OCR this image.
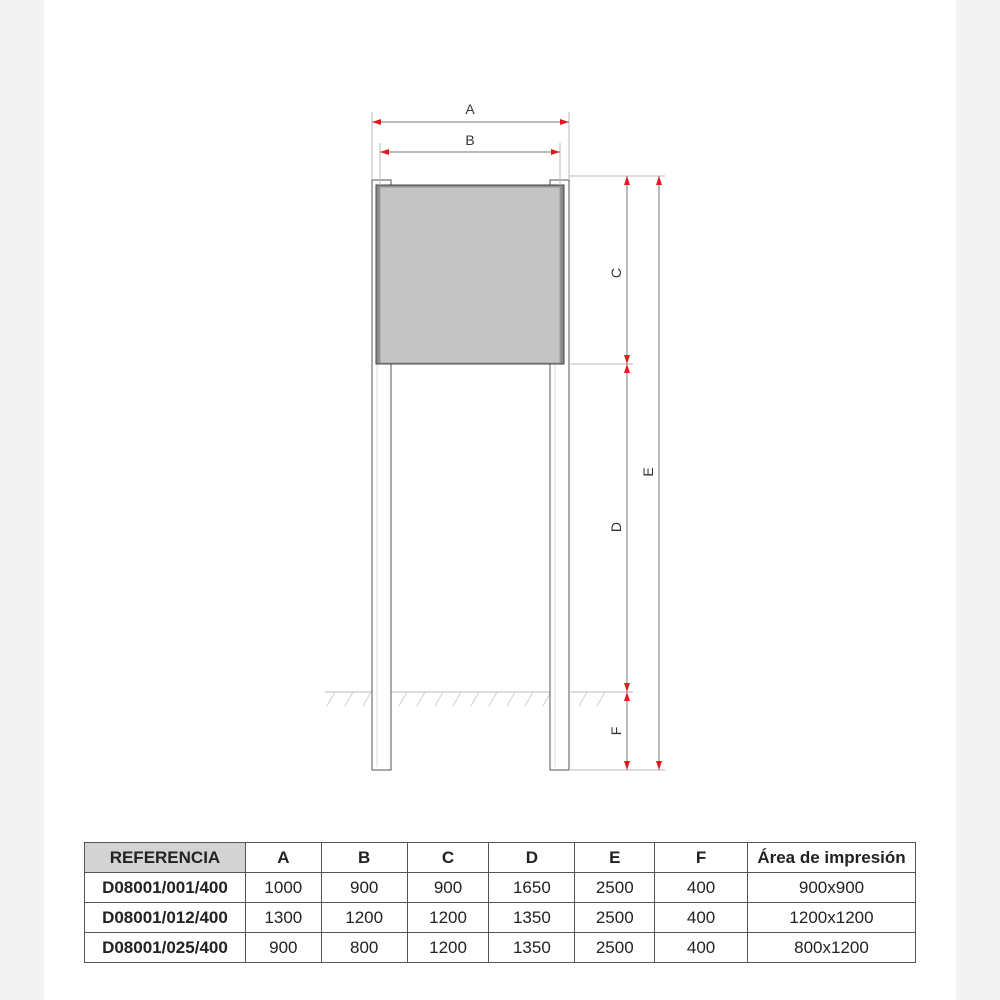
A
B
C
D
E
F
REFERENCIA	A	B	C	D	E	F	Área de impresión
D08001/001/400	1000	900	900	1650	2500	400	900x900
D08001/012/400	1300	1200	1200	1350	2500	400	1200x1200
D08001/025/400	900	800	1200	1350	2500	400	800x1200
